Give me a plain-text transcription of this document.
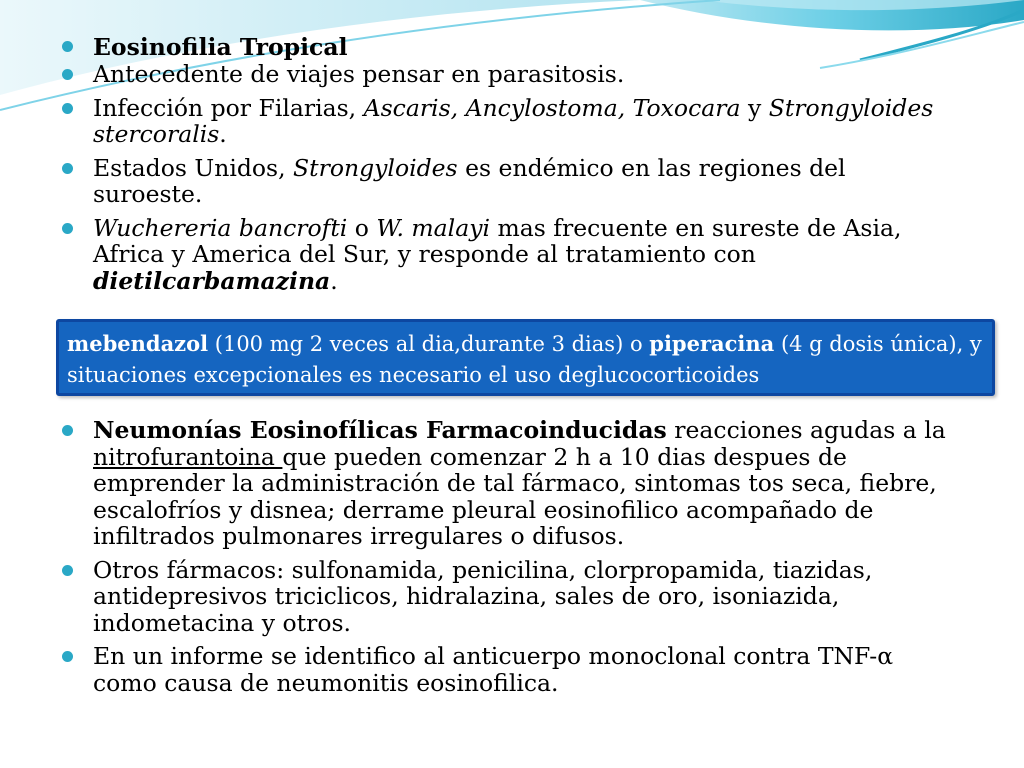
Eosinofilia Tropical
Antecedente de viajes pensar en parasitosis.
Infección por Filarias, Ascaris, Ancylostoma, Toxocara y Strongyloides stercoralis.
Estados Unidos, Strongyloides es endémico en las regiones del suroeste.
Wuchereria bancrofti o W. malayi mas frecuente en sureste de Asia, Africa y America del Sur, y responde al tratamiento con dietilcarbamazina.
mebendazol (100 mg 2 veces al dia,durante 3 dias) o piperacina (4 g dosis única), y situaciones excepcionales es necesario el uso deglucocorticoides
Neumonías Eosinofílicas Farmacoinducidas reacciones agudas a la nitrofurantoina que pueden comenzar 2 h a 10 dias despues de emprender la administración de tal fármaco, sintomas tos seca, fiebre, escalofríos y disnea; derrame pleural eosinofilico acompañado de infiltrados pulmonares irregulares o difusos.
Otros fármacos: sulfonamida, penicilina, clorpropamida, tiazidas, antidepresivos triciclicos, hidralazina, sales de oro, isoniazida, indometacina y otros.
En un informe se identifico al anticuerpo monoclonal contra TNF-α como causa de neumonitis eosinofilica.
